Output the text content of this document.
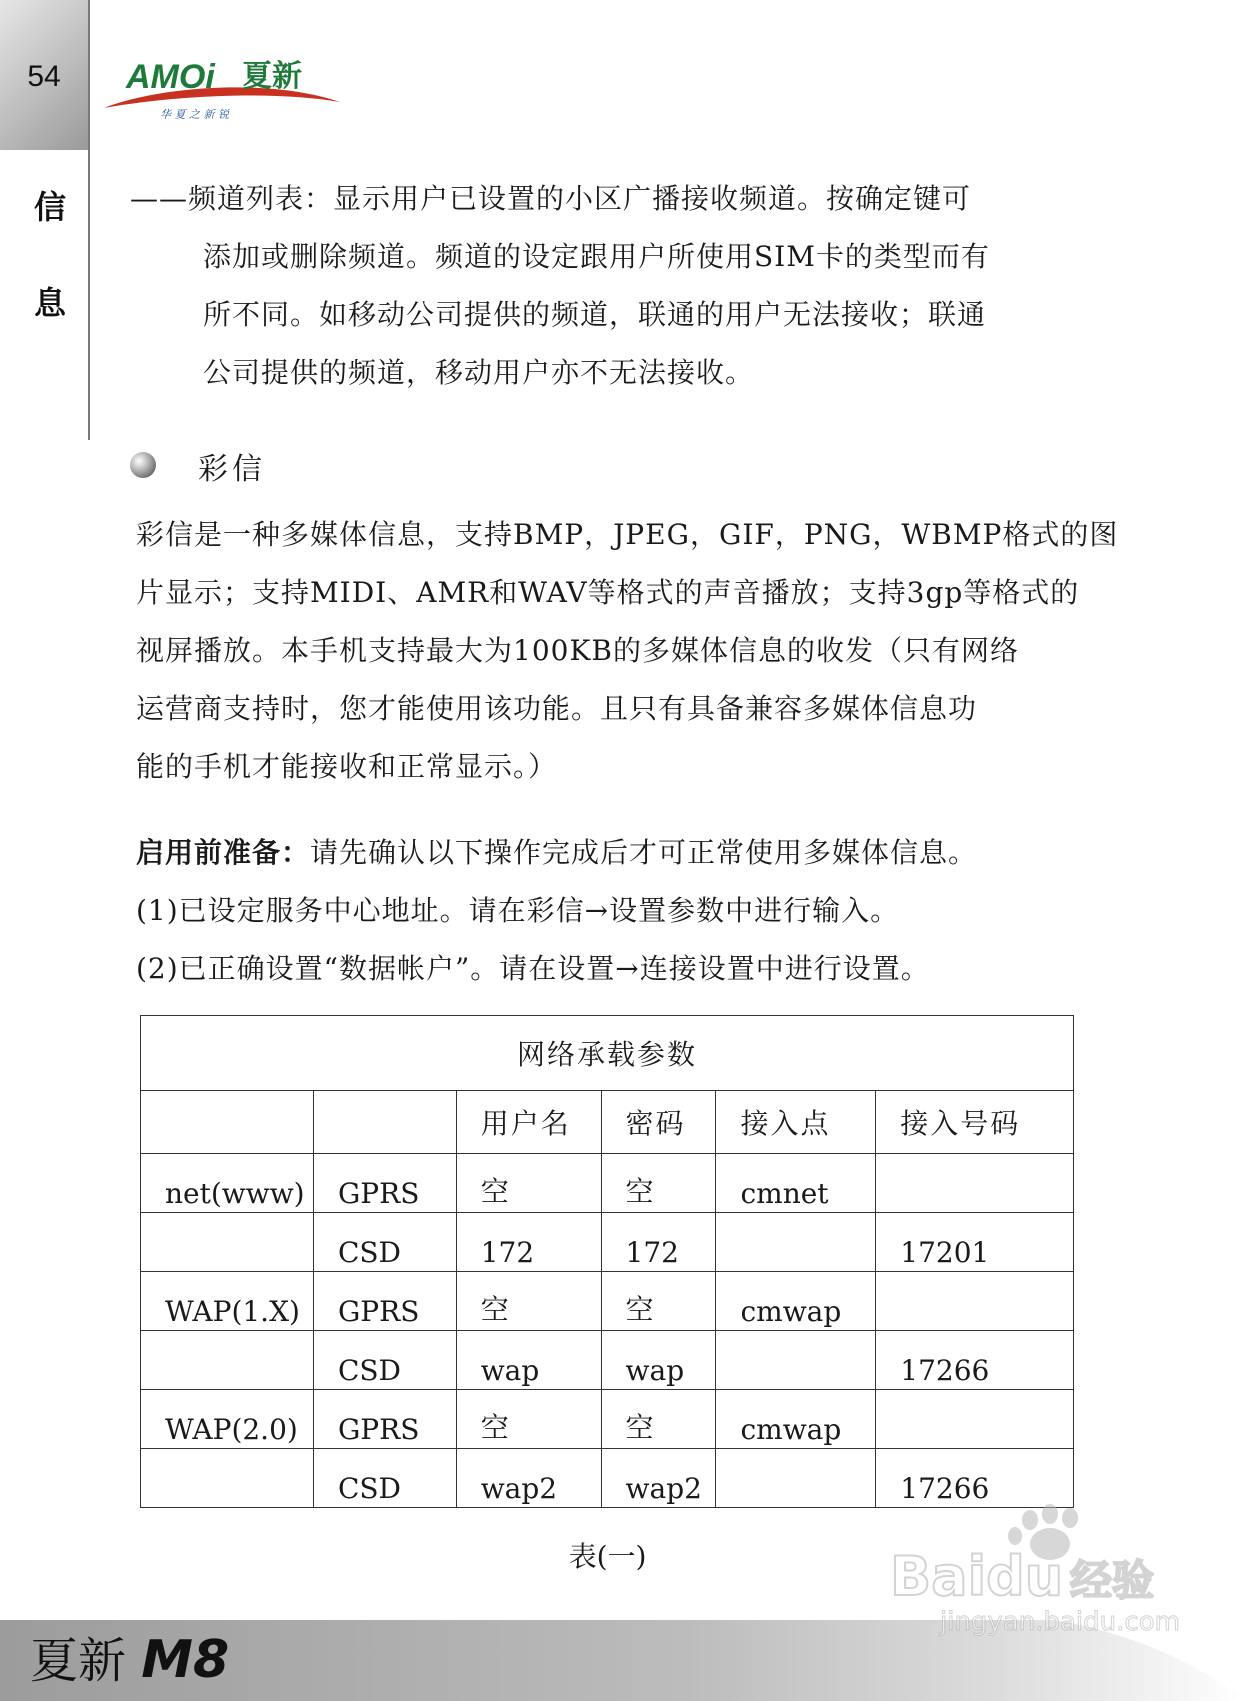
54
信
息
AMOi 夏新
华 夏 之 新 锐
——频道列表：显示用户已设置的小区广播接收频道。按确定键可
添加或删除频道。频道的设定跟用户所使用SIM卡的类型而有
所不同。如移动公司提供的频道，联通的用户无法接收；联通
公司提供的频道，移动用户亦不无法接收。
彩信
彩信是一种多媒体信息，支持BMP，JPEG，GIF，PNG，WBMP格式的图
片显示；支持MIDI、AMR和WAV等格式的声音播放；支持3gp等格式的
视屏播放。本手机支持最大为100KB的多媒体信息的收发（只有网络
运营商支持时，您才能使用该功能。且只有具备兼容多媒体信息功
能的手机才能接收和正常显示。）
启用前准备：请先确认以下操作完成后才可正常使用多媒体信息。
(1)已设定服务中心地址。请在彩信→设置参数中进行输入。
(2)已正确设置“数据帐户”。请在设置→连接设置中进行设置。
网络承载参数					
		用户名	密码	接入点	接入号码
net(www)	GPRS	空	空	cmnet	
	CSD	172	172		17201
WAP(1.X)	GPRS	空	空	cmwap	
	CSD	wap	wap		17266
WAP(2.0)	GPRS	空	空	cmwap	
	CSD	wap2	wap2		17266
表(一)
夏新 M8
Baidu 经验
jingyan.baidu.com
